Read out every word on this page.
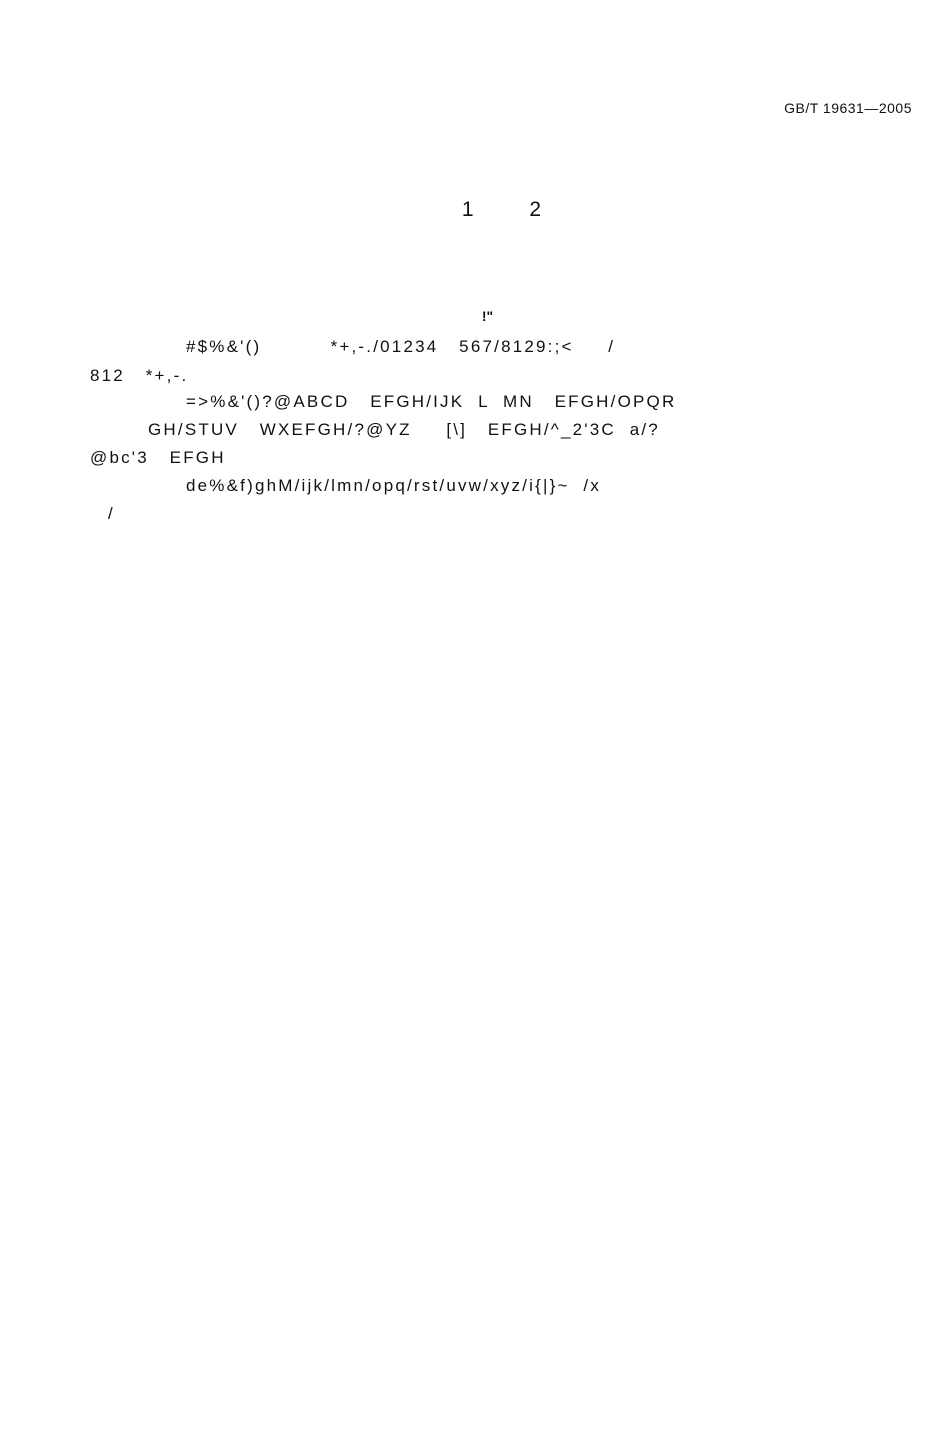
GB/T 19631—2005
1	2
!"
#$%&'()          *+,-./01234   567/8129:;<     /
812   *+,-.
=>%&'()?@ABCD   EFGH/IJK  L  MN   EFGH/OPQR
GH/STUV   WXEFGH/?@YZ     [\]   EFGH/^_2'3C  a/?
@bc'3   EFGH
de%&f)ghM/ijk/lmn/opq/rst/uvw/xyz/i{|}~  /x
/
